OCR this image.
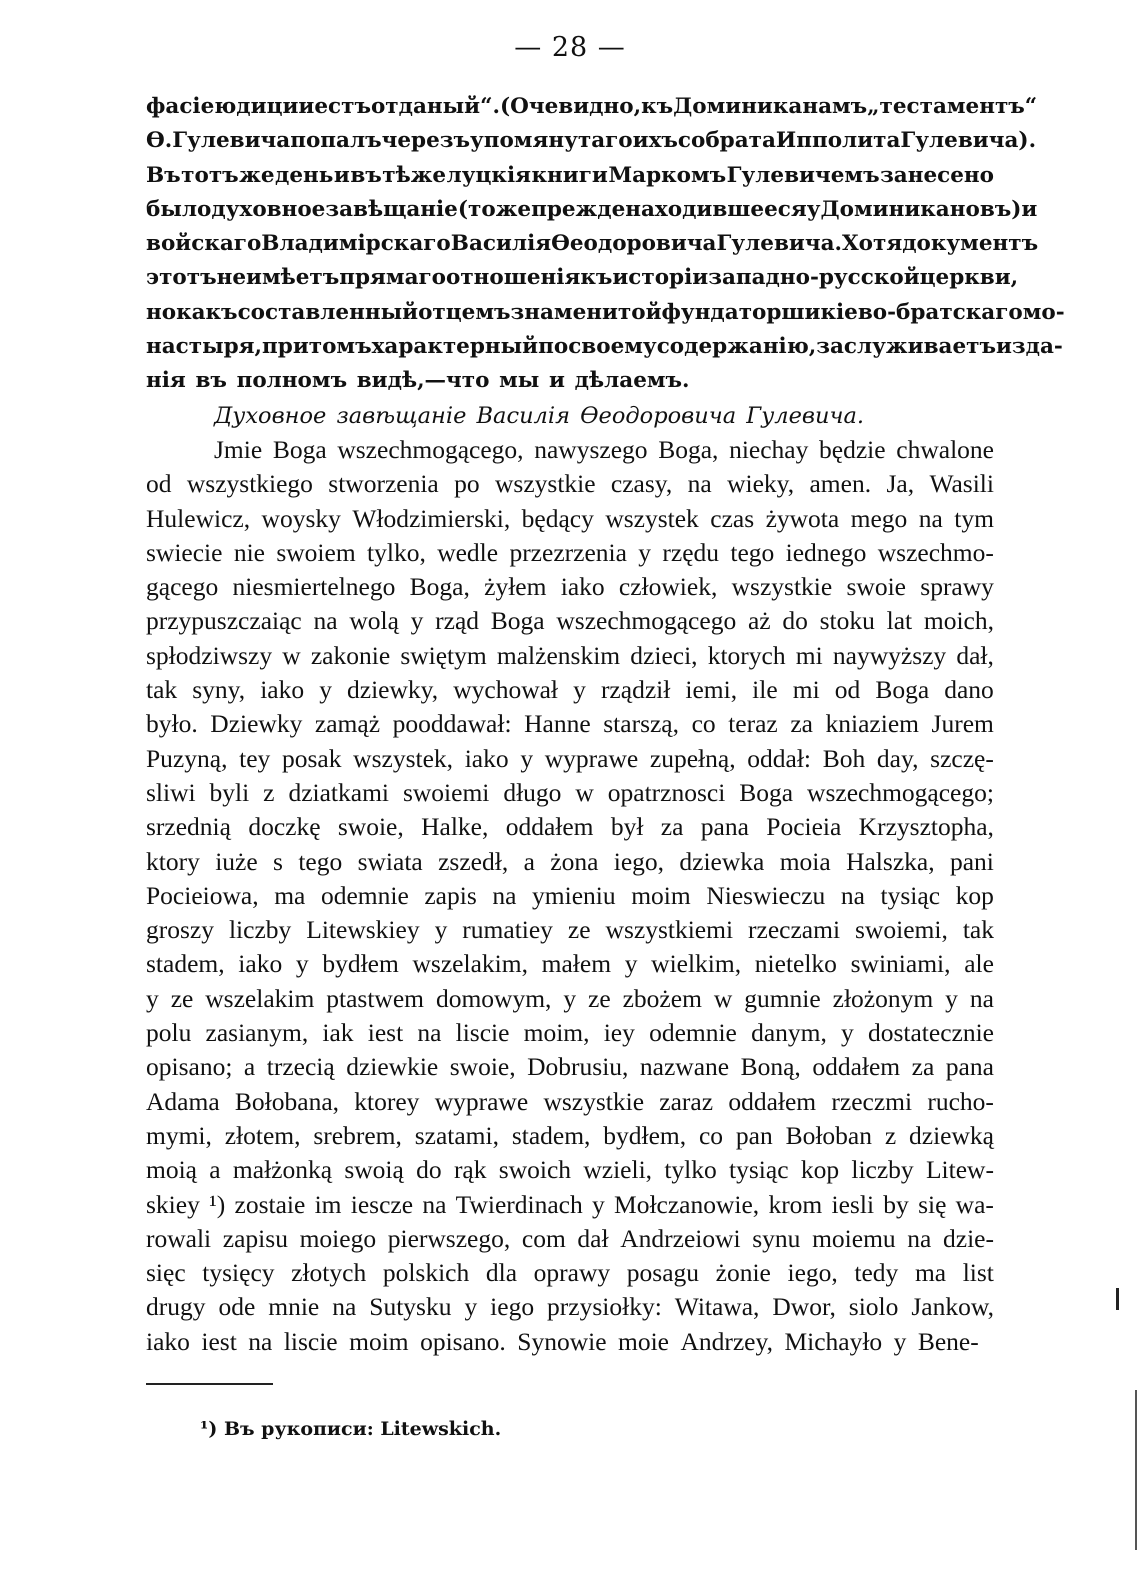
— 28 —
фасіе юдиции естъ отданый“. (Очевидно, къ Доминиканамъ „тестаментъ“
Ѳ. Гулевича попалъ черезъ упомянутаго ихъ собрата Ипполита Гулевича).
Въ тотъ же день и въ тѣже луцкія книги Маркомъ Гулевичемъ занесено
было духовное завѣщаніе (тоже прежде находившееся у Доминикановъ) и
войскаго Владимірскаго Василія Ѳеодоровича Гулевича. Хотя документъ
этотъ не имѣетъ прямаго отношенія къ исторіи западно-русской церкви,
но какъ составленный отцемъ знаменитой фундаторши кіево-братскаго мо-
настыря, притомъ характерный по своему содержанію, заслуживаетъ изда-
нія въ полномъ видѣ,—что мы и дѣлаемъ.
Духовное завѣщаніе Василія Ѳеодоровича Гулевича.
Jmie Boga wszechmogącego, nawyszego Boga, niechay będzie chwalone
od wszystkiego stworzenia po wszystkie czasy, na wieky, amen. Ja, Wasili
Hulewicz, woysky Włodzimierski, będący wszystek czas żywota mego na tym
swiecie nie swoiem tylko, wedle przezrzenia y rzędu tego iednego wszechmo-
gącego niesmiertelnego Boga, żyłem iako człowiek, wszystkie swoie sprawy
przypuszczaiąc na wolą y rząd Boga wszechmogącego aż do stoku lat moich,
spłodziwszy w zakonie swiętym malżenskim dzieci, ktorych mi naywyższy dał,
tak syny, iako y dziewky, wychował y rządził iemi, ile mi od Boga dano
było. Dziewky zamąż pooddawał: Hanne starszą, co teraz za kniaziem Jurem
Puzyną, tey posak wszystek, iako y wyprawe zupełną, oddał: Boh day, szczę-
sliwi byli z dziatkami swoiemi długo w opatrznosci Boga wszechmogącego;
srzednią doczkę swoie, Halke, oddałem był za pana Pocieia Krzysztopha,
ktory iuże s tego swiata zszedł, a żona iego, dziewka moia Halszka, pani
Pocieiowa, ma odemnie zapis na ymieniu moim Nieswieczu na tysiąc kop
groszy liczby Litewskiey y rumatiey ze wszystkiemi rzeczami swoiemi, tak
stadem, iako y bydłem wszelakim, małem y wielkim, nietelko swiniami, ale
y ze wszelakim ptastwem domowym, y ze zbożem w gumnie złożonym y na
polu zasianym, iak iest na liscie moim, iey odemnie danym, y dostatecznie
opisano; a trzecią dziewkie swoie, Dobrusiu, nazwane Boną, oddałem za pana
Adama Bołobana, ktorey wyprawe wszystkie zaraz oddałem rzeczmi rucho-
mymi, złotem, srebrem, szatami, stadem, bydłem, co pan Bołoban z dziewką
moią a małżonką swoią do rąk swoich wzieli, tylko tysiąc kop liczby Litew-
skiey ¹) zostaie im iescze na Twierdinach y Mołczanowie, krom iesli by się wa-
rowali zapisu moiego pierwszego, com dał Andrzeiowi synu moiemu na dzie-
sięc tysięcy złotych polskich dla oprawy posagu żonie iego, tedy ma list
drugy ode mnie na Sutysku y iego przysiołky: Witawa, Dwor, siolo Jankow,
iako iest na liscie moim opisano. Synowie moie Andrzey, Michayło y Bene-
¹) Въ рукописи: Litewskich.
